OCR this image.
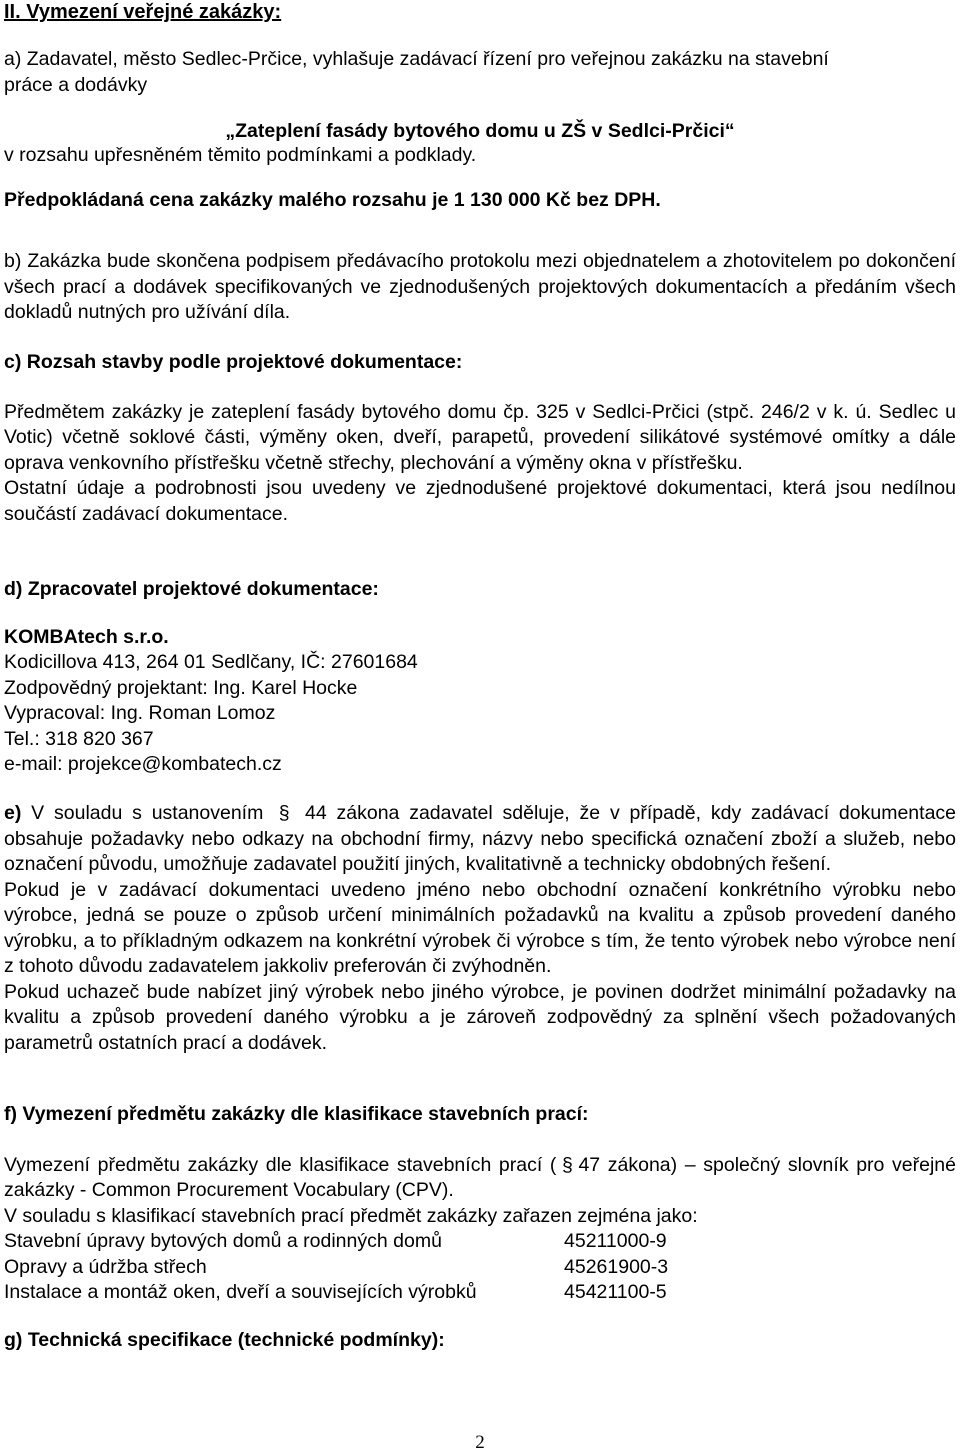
II. Vymezení veřejné zakázky:

a) Zadavatel, město Sedlec-Prčice, vyhlašuje zadávací řízení pro veřejnou zakázku na stavební

práce a dodávky

„Zateplení fasády bytového domu u ZŠ v Sedlci-Prčici“

v rozsahu upřesněném těmito podmínkami a podklady.

Předpokládaná cena zakázky malého rozsahu je 1 130 000 Kč bez DPH.

b) Zakázka bude skončena podpisem předávacího protokolu mezi objednatelem a zhotovitelem po dokončení všech prací a dodávek specifikovaných ve zjednodušených projektových dokumentacích a předáním všech dokladů nutných pro užívání díla.

c) Rozsah stavby podle projektové dokumentace:

Předmětem zakázky je zateplení fasády bytového domu čp. 325 v Sedlci-Prčici (stpč. 246/2 v k. ú. Sedlec u Votic) včetně soklové části, výměny oken, dveří, parapetů, provedení silikátové systémové omítky a dále oprava venkovního přístřešku včetně střechy, plechování a výměny okna v přístřešku.

Ostatní údaje a podrobnosti jsou uvedeny ve zjednodušené projektové dokumentaci, která jsou nedílnou součástí zadávací dokumentace.

d) Zpracovatel projektové dokumentace:

KOMBAtech s.r.o.

Kodicillova 413, 264 01 Sedlčany, IČ: 27601684

Zodpovědný projektant: Ing. Karel Hocke

Vypracoval: Ing. Roman Lomoz

Tel.: 318 820 367

e-mail: projekce@kombatech.cz

e) V souladu s ustanovením § 44 zákona zadavatel sděluje, že v případě, kdy zadávací dokumentace obsahuje požadavky nebo odkazy na obchodní firmy, názvy nebo specifická označení zboží a služeb, nebo označení původu, umožňuje zadavatel použití jiných, kvalitativně a technicky obdobných řešení.

Pokud je v zadávací dokumentaci uvedeno jméno nebo obchodní označení konkrétního výrobku nebo výrobce, jedná se pouze o způsob určení minimálních požadavků na kvalitu a způsob provedení daného výrobku, a to příkladným odkazem na konkrétní výrobek či výrobce s tím, že tento výrobek nebo výrobce není z tohoto důvodu zadavatelem jakkoliv preferován či zvýhodněn.

Pokud uchazeč bude nabízet jiný výrobek nebo jiného výrobce, je povinen dodržet minimální požadavky na kvalitu a způsob provedení daného výrobku a je zároveň zodpovědný za splnění všech požadovaných parametrů ostatních prací a dodávek.

f) Vymezení předmětu zakázky dle klasifikace stavebních prací:

Vymezení předmětu zakázky dle klasifikace stavebních prací ( § 47 zákona) – společný slovník pro veřejné zakázky - Common Procurement Vocabulary (CPV).

V souladu s klasifikací stavebních prací předmět zakázky zařazen zejména jako:

Stavební úpravy bytových domů a rodinných domů	45211000-9
Opravy a údržba střech	45261900-3
Instalace a montáž oken, dveří a souvisejících výrobků	45421100-5

g) Technická specifikace (technické podmínky):

2
